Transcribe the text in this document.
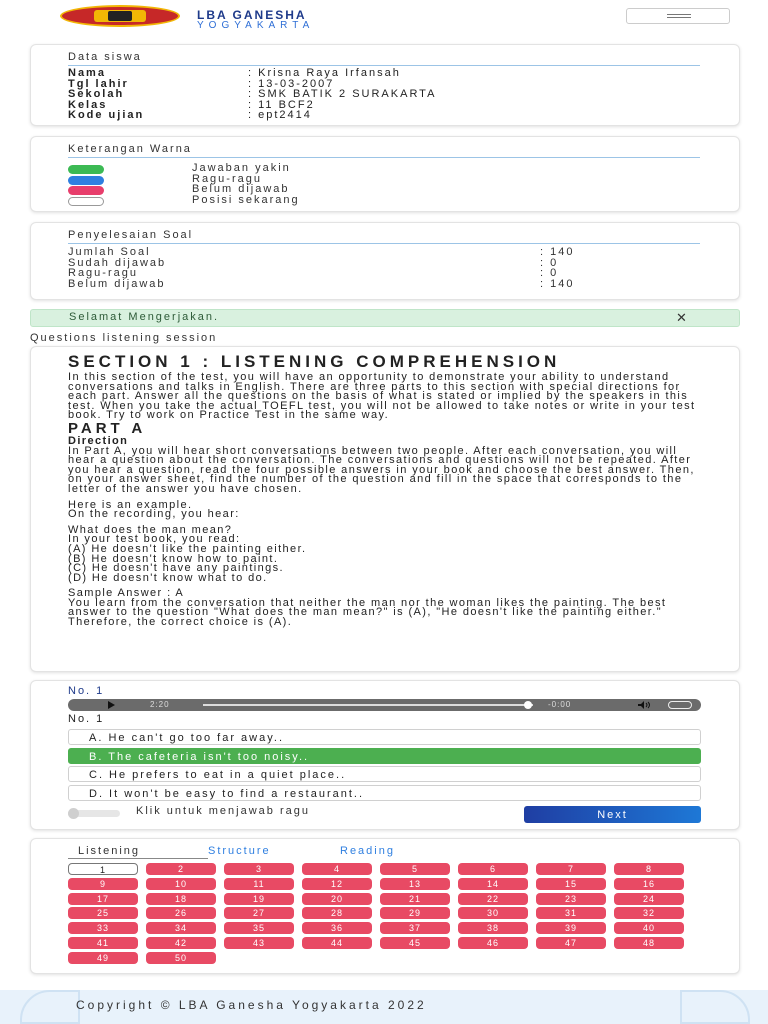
LBA GANESHA
YOGYAKARTA
Data siswa
Nama	: Krisna Raya Irfansah
Tgl lahir	: 13-03-2007
Sekolah	: SMK BATIK 2 SURAKARTA
Kelas	: 11 BCF2
Kode ujian	: ept2414
Keterangan Warna
Jawaban yakin
Ragu-ragu
Belum dijawab
Posisi sekarang
Penyelesaian Soal
Jumlah Soal	: 140
Sudah dijawab	: 0
Ragu-ragu	: 0
Belum dijawab	: 140
Selamat Mengerjakan.	✕
Questions listening session
SECTION 1 : LISTENING COMPREHENSION
In this section of the test, you will have an opportunity to demonstrate your ability to understand conversations and talks in English. There are three parts to this section with special directions for each part. Answer all the questions on the basis of what is stated or implied by the speakers in this test. When you take the actual TOEFL test, you will not be allowed to take notes or write in your test book. Try to work on Practice Test in the same way.
PART A
Direction
In Part A, you will hear short conversations between two people. After each conversation, you will hear a question about the conversation. The conversations and questions will not be repeated. After you hear a question, read the four possible answers in your book and choose the best answer. Then, on your answer sheet, find the number of the question and fill in the space that corresponds to the letter of the answer you have chosen.
Here is an example.
On the recording, you hear:
What does the man mean?
In your test book, you read:
(A) He doesn't like the painting either.
(B) He doesn't know how to paint.
(C) He doesn't have any paintings.
(D) He doesn't know what to do.
Sample Answer : A
You learn from the conversation that neither the man nor the woman likes the painting. The best answer to the question "What does the man mean?" is (A), "He doesn't like the painting either." Therefore, the correct choice is (A).
No. 1
2:20	-0:00
No. 1
A. He can't go too far away..
B. The cafeteria isn't too noisy..
C. He prefers to eat in a quiet place..
D. It won't be easy to find a restaurant..
Klik untuk menjawab ragu	Next
Listening	Structure	Reading
1	2	3	4	5	6	7	8
9	10	11	12	13	14	15	16
17	18	19	20	21	22	23	24
25	26	27	28	29	30	31	32
33	34	35	36	37	38	39	40
41	42	43	44	45	46	47	48
49	50
Copyright © LBA Ganesha Yogyakarta 2022
